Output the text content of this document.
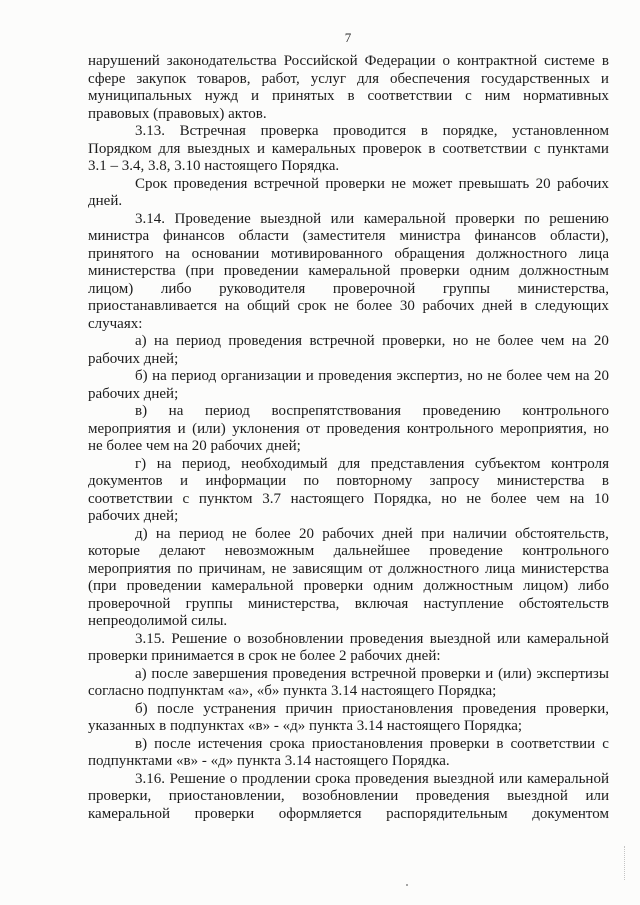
7
нарушений законодательства Российской Федерации о контрактной системе в
сфере закупок товаров, работ, услуг для обеспечения государственных и
муниципальных нужд и принятых в соответствии с ним нормативных
правовых (правовых) актов.
3.13. Встречная проверка проводится в порядке, установленном
Порядком для выездных и камеральных проверок в соответствии с пунктами
3.1 – 3.4, 3.8, 3.10 настоящего Порядка.
Срок проведения встречной проверки не может превышать 20 рабочих
дней.
3.14. Проведение выездной или камеральной проверки по решению
министра финансов области (заместителя министра финансов области),
принятого на основании мотивированного обращения должностного лица
министерства (при проведении камеральной проверки одним должностным
лицом) либо руководителя проверочной группы министерства,
приостанавливается на общий срок не более 30 рабочих дней в следующих
случаях:
а) на период проведения встречной проверки, но не более чем на 20
рабочих дней;
б) на период организации и проведения экспертиз, но не более чем на 20
рабочих дней;
в) на период воспрепятствования проведению контрольного
мероприятия и (или) уклонения от проведения контрольного мероприятия, но
не более чем на 20 рабочих дней;
г) на период, необходимый для представления субъектом контроля
документов и информации по повторному запросу министерства в
соответствии с пунктом 3.7 настоящего Порядка, но не более чем на 10
рабочих дней;
д) на период не более 20 рабочих дней при наличии обстоятельств,
которые делают невозможным дальнейшее проведение контрольного
мероприятия по причинам, не зависящим от должностного лица министерства
(при проведении камеральной проверки одним должностным лицом) либо
проверочной группы министерства, включая наступление обстоятельств
непреодолимой силы.
3.15. Решение о возобновлении проведения выездной или камеральной
проверки принимается в срок не более 2 рабочих дней:
а) после завершения проведения встречной проверки и (или) экспертизы
согласно подпунктам «а», «б» пункта 3.14 настоящего Порядка;
б) после устранения причин приостановления проведения проверки,
указанных в подпунктах «в» - «д» пункта 3.14 настоящего Порядка;
в) после истечения срока приостановления проверки в соответствии с
подпунктами «в» - «д» пункта 3.14 настоящего Порядка.
3.16. Решение о продлении срока проведения выездной или камеральной
проверки, приостановлении, возобновлении проведения выездной или
камеральной проверки оформляется распорядительным документом
